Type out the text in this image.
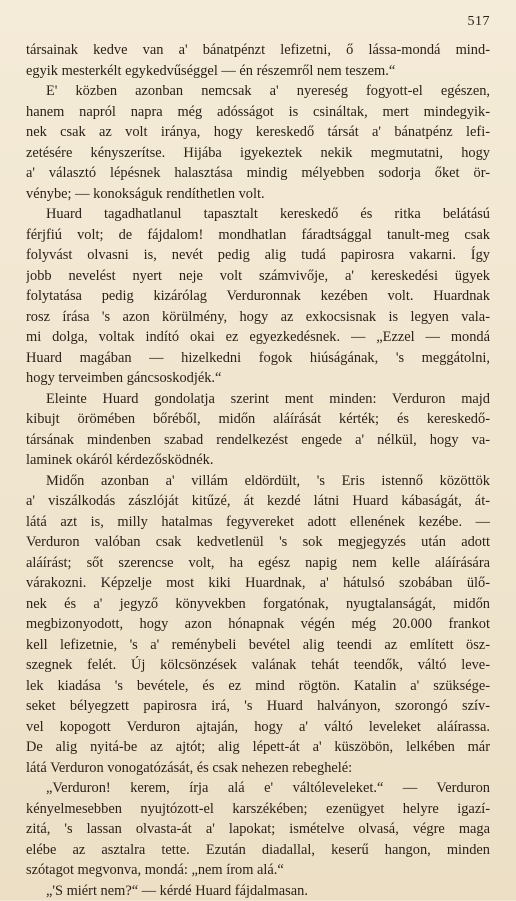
517
társainak kedve van a' bánatpénzt lefizetni, ő lássa-mondá mind-
egyik mesterkélt egykedvűséggel — én részemről nem teszem.“
E' közben azonban nemcsak a' nyereség fogyott-el egészen,
hanem napról napra még adósságot is csináltak, mert mindegyik-
nek csak az volt iránya, hogy kereskedő társát a' bánatpénz lefi-
zetésére kényszerítse. Hijába igyekeztek nekik megmutatni, hogy
a' választó lépésnek halasztása mindig mélyebben sodorja őket ör-
vénybe; — konokságuk rendíthetlen volt.
Huard tagadhatlanul tapasztalt kereskedő és ritka belátású
férjfiú volt; de fájdalom! mondhatlan fáradtsággal tanult-meg csak
folyvást olvasni is, nevét pedig alig tudá papirosra vakarni. Így
jobb nevelést nyert neje volt számvivője, a' kereskedési ügyek
folytatása pedig kizárólag Verduronnak kezében volt. Huardnak
rosz írása 's azon körülmény, hogy az exkocsisnak is legyen vala-
mi dolga, voltak indító okai ez egyezkedésnek. — „Ezzel — mondá
Huard magában — hizelkedni fogok hiúságának, 's meggátolni,
hogy terveimben gáncsoskodjék.“
Eleinte Huard gondolatja szerint ment minden: Verduron majd
kibujt örömében bőréből, midőn aláírását kérték; és kereskedő-
társának mindenben szabad rendelkezést engede a' nélkül, hogy va-
laminek okáról kérdezősködnék.
Midőn azonban a' villám eldördült, 's Eris istennő közöttök
a' viszálkodás zászlóját kitűzé, át kezdé látni Huard kábaságát, át-
látá azt is, milly hatalmas fegyvereket adott ellenének kezébe. —
Verduron valóban csak kedvetlenül 's sok megjegyzés után adott
aláírást; sőt szerencse volt, ha egész napig nem kelle aláírására
várakozni. Képzelje most kiki Huardnak, a' hátulsó szobában ülő-
nek és a' jegyző könyvekben forgatónak, nyugtalanságát, midőn
megbizonyodott, hogy azon hónapnak végén még 20.000 frankot
kell lefizetnie, 's a' reménybeli bevétel alig teendi az említett ösz-
szegnek felét. Új kölcsönzések valának tehát teendők, váltó leve-
lek kiadása 's bevétele, és ez mind rögtön. Katalin a' szüksége-
seket bélyegzett papirosra irá, 's Huard halványon, szorongó szív-
vel kopogott Verduron ajtaján, hogy a' váltó leveleket aláírassa.
De alig nyitá-be az ajtót; alig lépett-át a' küszöbön, lelkében már
látá Verduron vonogatózását, és csak nehezen rebeghelé:
„Verduron! kerem, írja alá e' váltóleveleket.“ — Verduron
kényelmesebben nyujtózott-el karszékében; ezenügyet helyre igazí-
zitá, 's lassan olvasta-át a' lapokat; ismételve olvasá, végre maga
elébe az asztalra tette. Ezután diadallal, keserű hangon, minden
szótagot megvonva, mondá: „nem írom alá.“
„'S miért nem?“ — kérdé Huard fájdalmasan.
